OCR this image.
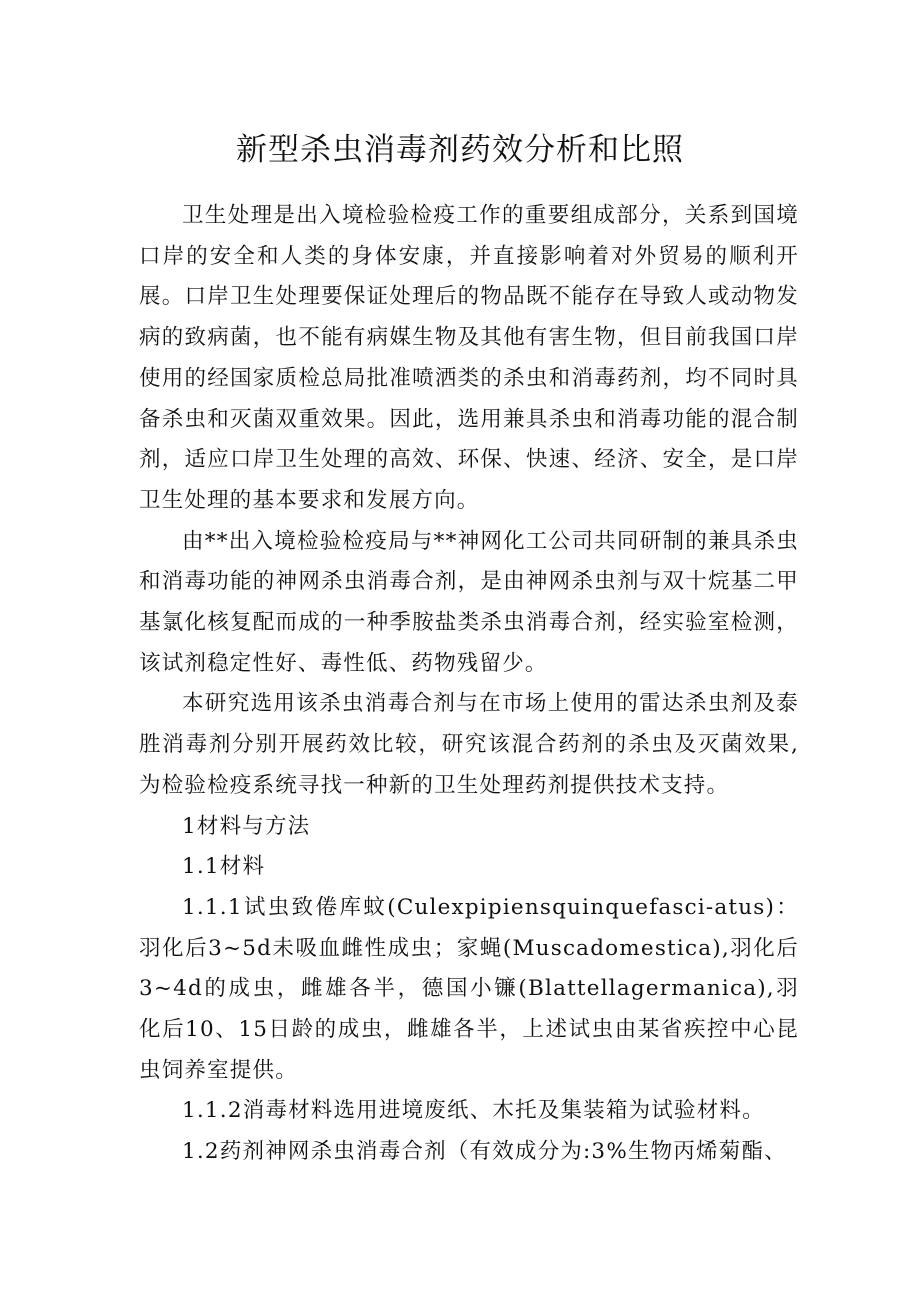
新型杀虫消毒剂药效分析和比照

卫生处理是出入境检验检疫工作的重要组成部分，关系到国境口岸的安全和人类的身体安康，并直接影响着对外贸易的顺利开展。口岸卫生处理要保证处理后的物品既不能存在导致人或动物发病的致病菌，也不能有病媒生物及其他有害生物，但目前我国口岸使用的经国家质检总局批准喷洒类的杀虫和消毒药剂，均不同时具备杀虫和灭菌双重效果。因此，选用兼具杀虫和消毒功能的混合制剂，适应口岸卫生处理的高效、环保、快速、经济、安全，是口岸卫生处理的基本要求和发展方向。

由**出入境检验检疫局与**神网化工公司共同研制的兼具杀虫和消毒功能的神网杀虫消毒合剂，是由神网杀虫剂与双十烷基二甲基氯化核复配而成的一种季胺盐类杀虫消毒合剂，经实验室检测，该试剂稳定性好、毒性低、药物残留少。

本研究选用该杀虫消毒合剂与在市场上使用的雷达杀虫剂及泰胜消毒剂分别开展药效比较，研究该混合药剂的杀虫及灭菌效果,为检验检疫系统寻找一种新的卫生处理药剂提供技术支持。

1材料与方法

1.1材料

1.1.1试虫致倦库蚊(Culexpipiensquinquefasci-atus)：羽化后3~5d未吸血雌性成虫；家蝇(Muscadomestica),羽化后3~4d的成虫，雌雄各半，德国小镰(Blattellagermanica),羽化后10、15日龄的成虫，雌雄各半，上述试虫由某省疾控中心昆虫饲养室提供。

1.1.2消毒材料选用进境废纸、木托及集装箱为试验材料。

1.2药剂神网杀虫消毒合剂（有效成分为:3%生物丙烯菊酯、
